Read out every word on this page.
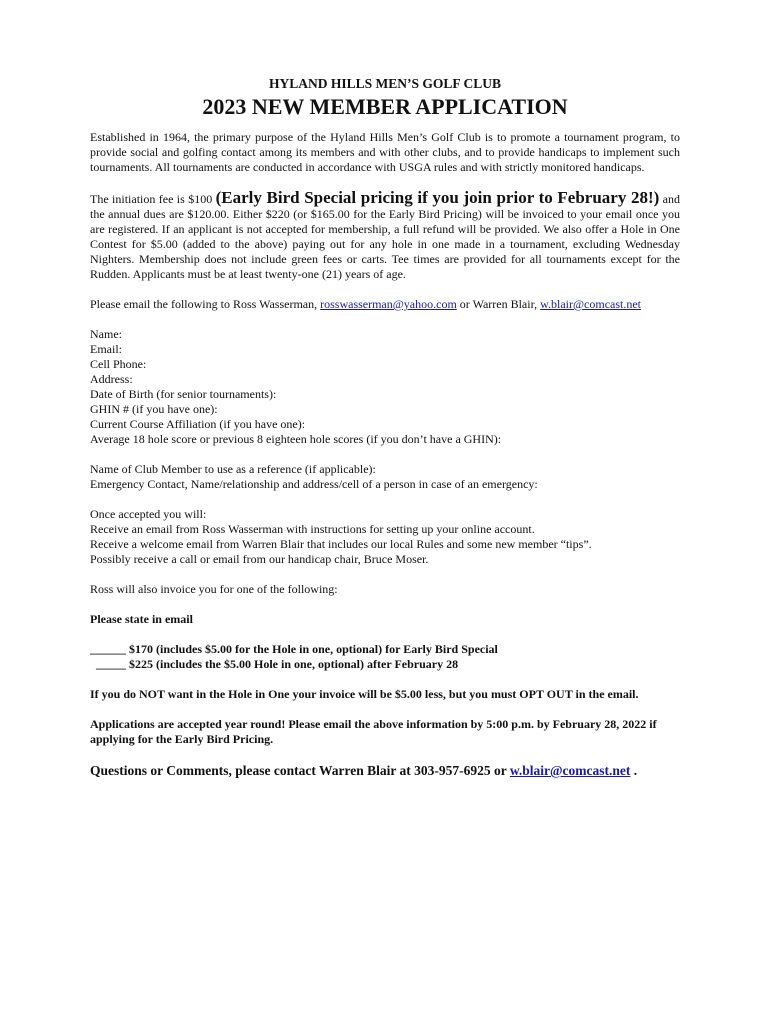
HYLAND HILLS MEN’S GOLF CLUB

2023 NEW MEMBER APPLICATION

Established in 1964, the primary purpose of the Hyland Hills Men’s Golf Club is to promote a tournament program, to provide social and golfing contact among its members and with other clubs, and to provide handicaps to implement such tournaments. All tournaments are conducted in accordance with USGA rules and with strictly monitored handicaps.

The initiation fee is $100 (Early Bird Special pricing if you join prior to February 28!) and the annual dues are $120.00. Either $220 (or $165.00 for the Early Bird Pricing) will be invoiced to your email once you are registered. If an applicant is not accepted for membership, a full refund will be provided. We also offer a Hole in One Contest for $5.00 (added to the above) paying out for any hole in one made in a tournament, excluding Wednesday Nighters. Membership does not include green fees or carts. Tee times are provided for all tournaments except for the Rudden. Applicants must be at least twenty-one (21) years of age.

Please email the following to Ross Wasserman, rosswasserman@yahoo.com or Warren Blair, w.blair@comcast.net

Name:

Email:

Cell Phone:

Address:

Date of Birth (for senior tournaments):

GHIN # (if you have one):

Current Course Affiliation (if you have one):

Average 18 hole score or previous 8 eighteen hole scores (if you don’t have a GHIN):

Name of Club Member to use as a reference (if applicable):

Emergency Contact, Name/relationship and address/cell of a person in case of an emergency:

Once accepted you will:

Receive an email from Ross Wasserman with instructions for setting up your online account.

Receive a welcome email from Warren Blair that includes our local Rules and some new member “tips”.

Possibly receive a call or email from our handicap chair, Bruce Moser.

Ross will also invoice you for one of the following:

Please state in email

______ $170 (includes $5.00 for the Hole in one, optional) for Early Bird Special

_____ $225 (includes the $5.00 Hole in one, optional) after February 28

If you do NOT want in the Hole in One your invoice will be $5.00 less, but you must OPT OUT in the email.

Applications are accepted year round! Please email the above information by 5:00 p.m. by February 28, 2022 if applying for the Early Bird Pricing.

Questions or Comments, please contact Warren Blair at 303-957-6925 or w.blair@comcast.net .
